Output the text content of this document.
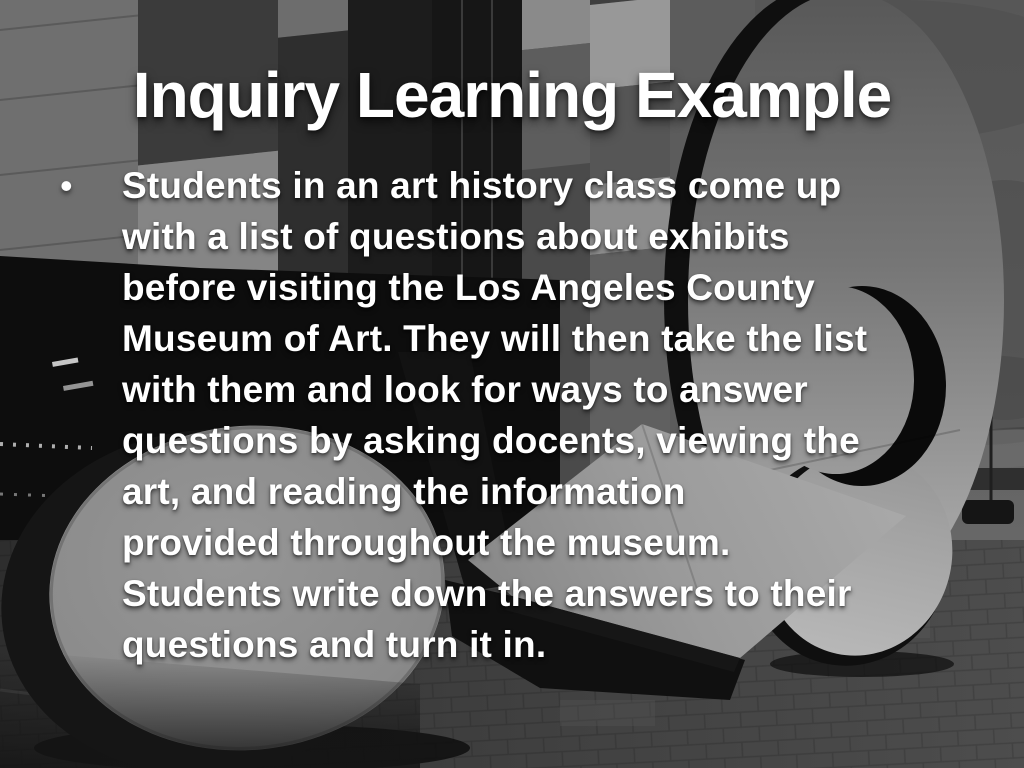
Inquiry Learning Example
• Students in an art history class come up
with a list of questions about exhibits
before visiting the Los Angeles County
Museum of Art. They will then take the list
with them and look for ways to answer
questions by asking docents, viewing the
art, and reading the information
provided throughout the museum.
Students write down the answers to their
questions and turn it in.
